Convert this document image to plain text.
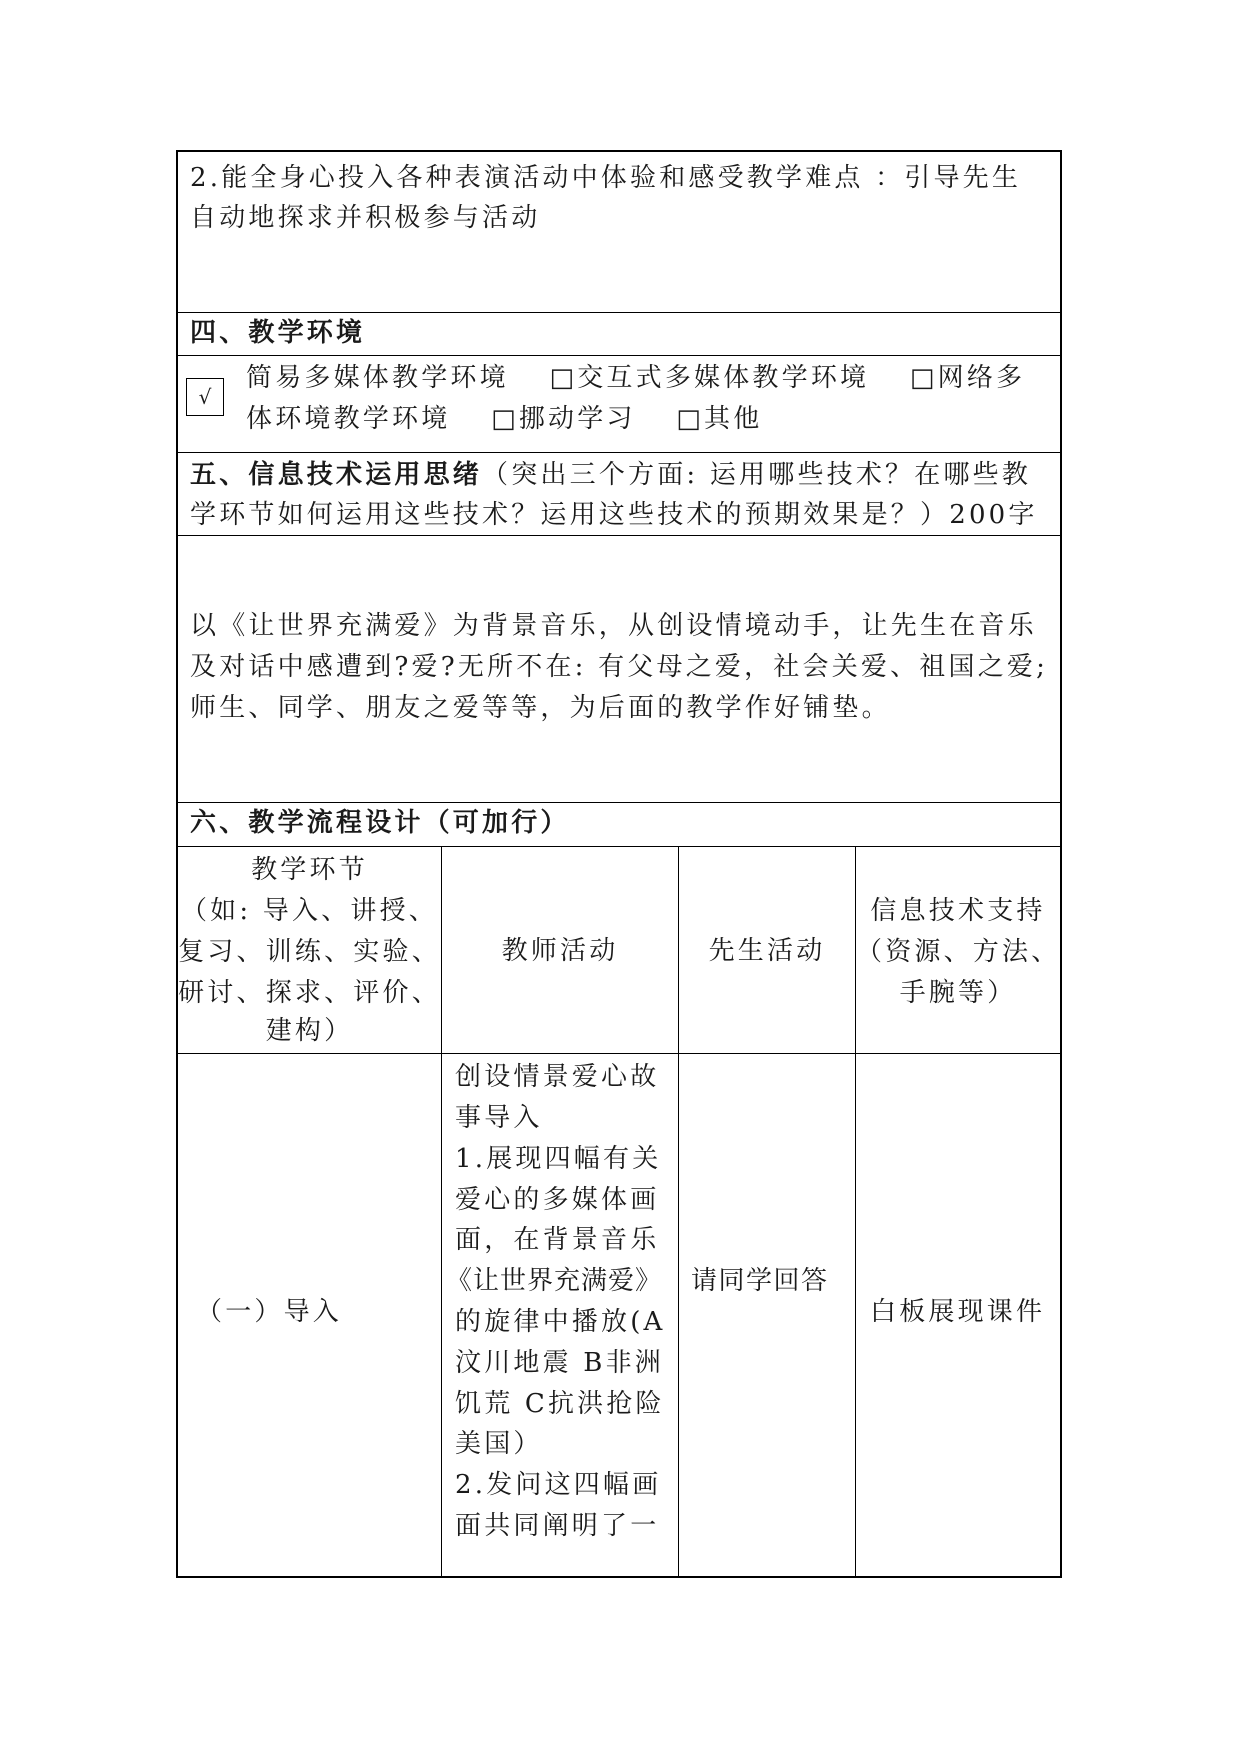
2.能全身心投入各种表演活动中体验和感受教学难点 ：引导先生
自动地探求并积极参与活动
四、教学环境
√
简易多媒体教学环境　 □交互式多媒体教学环境　 □网络多
体环境教学环境　 □挪动学习　 □其他
五、信息技术运用思绪（突出三个方面: 运用哪些技术？在哪些教
学环节如何运用这些技术？运用这些技术的预期效果是？）200字
以《让世界充满爱》为背景音乐，从创设情境动手，让先生在音乐
及对话中感遭到?爱?无所不在: 有父母之爱，社会关爱、祖国之爱;
师生、同学、朋友之爱等等，为后面的教学作好铺垫。
六、教学流程设计（可加行）
教学环节
（如: 导入、讲授、
复习、训练、实验、
研讨、探求、评价、
建构）
教师活动	先生活动
信息技术支持
（资源、方法、
手腕等）
（一）导入
创设情景爱心故
事导入
1.展现四幅有关
爱心的多媒体画
面，在背景音乐
《让世界充满爱》
的旋律中播放(A
汶川地震 B非洲
饥荒 C抗洪抢险
美国）
2.发问这四幅画
面共同阐明了一
请同学回答
白板展现课件
